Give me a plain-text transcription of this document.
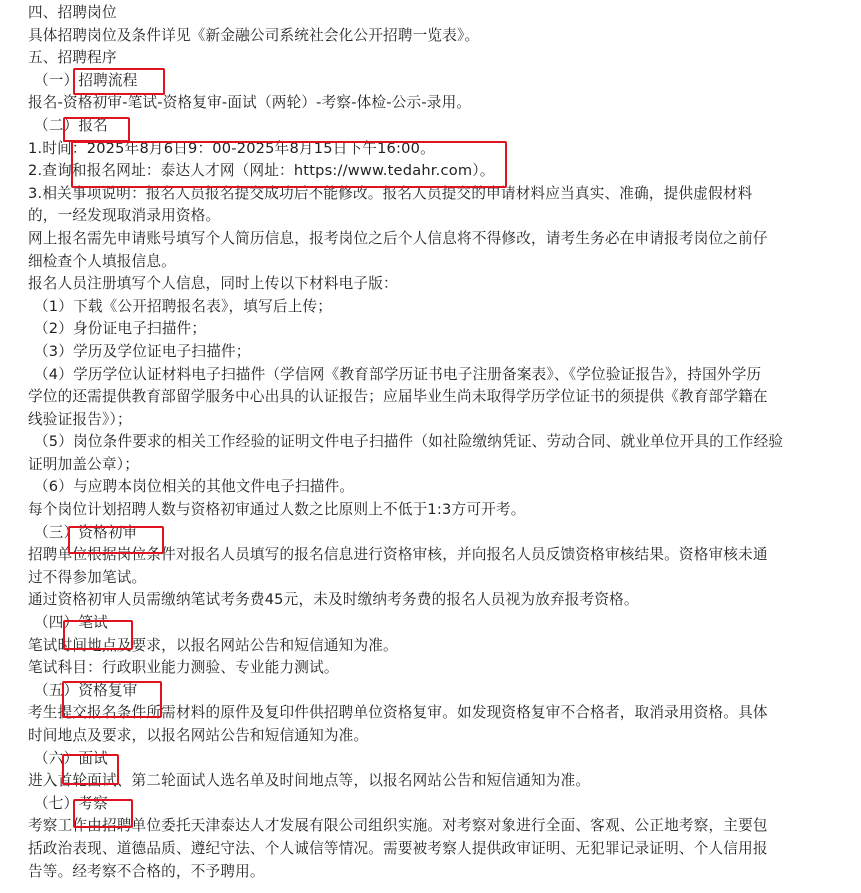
四、招聘岗位
具体招聘岗位及条件详见《新金融公司系统社会化公开招聘一览表》。
五、招聘程序
（一）招聘流程
报名-资格初审-笔试-资格复审-面试（两轮）-考察-体检-公示-录用。
（二）报名
1.时间：2025年8月6日9：00-2025年8月15日下午16:00。
2.查询和报名网址：泰达人才网（网址：https://www.tedahr.com）。
3.相关事项说明：报名人员报名提交成功后不能修改。报名人员提交的申请材料应当真实、准确，提供虚假材料
的，一经发现取消录用资格。
网上报名需先申请账号填写个人简历信息，报考岗位之后个人信息将不得修改，请考生务必在申请报考岗位之前仔
细检查个人填报信息。
报名人员注册填写个人信息，同时上传以下材料电子版：
（1）下载《公开招聘报名表》，填写后上传；
（2）身份证电子扫描件；
（3）学历及学位证电子扫描件；
（4）学历学位认证材料电子扫描件（学信网《教育部学历证书电子注册备案表》、《学位验证报告》，持国外学历
学位的还需提供教育部留学服务中心出具的认证报告；应届毕业生尚未取得学历学位证书的须提供《教育部学籍在
线验证报告》）；
（5）岗位条件要求的相关工作经验的证明文件电子扫描件（如社险缴纳凭证、劳动合同、就业单位开具的工作经验
证明加盖公章）；
（6）与应聘本岗位相关的其他文件电子扫描件。
每个岗位计划招聘人数与资格初审通过人数之比原则上不低于1:3方可开考。
（三）资格初审
招聘单位根据岗位条件对报名人员填写的报名信息进行资格审核，并向报名人员反馈资格审核结果。资格审核未通
过不得参加笔试。
通过资格初审人员需缴纳笔试考务费45元，未及时缴纳考务费的报名人员视为放弃报考资格。
（四）笔试
笔试时间地点及要求，以报名网站公告和短信通知为准。
笔试科目：行政职业能力测验、专业能力测试。
（五）资格复审
考生提交报名条件所需材料的原件及复印件供招聘单位资格复审。如发现资格复审不合格者，取消录用资格。具体
时间地点及要求，以报名网站公告和短信通知为准。
（六）面试
进入首轮面试、第二轮面试人选名单及时间地点等，以报名网站公告和短信通知为准。
（七）考察
考察工作由招聘单位委托天津泰达人才发展有限公司组织实施。对考察对象进行全面、客观、公正地考察，主要包
括政治表现、道德品质、遵纪守法、个人诚信等情况。需要被考察人提供政审证明、无犯罪记录证明、个人信用报
告等。经考察不合格的，不予聘用。
